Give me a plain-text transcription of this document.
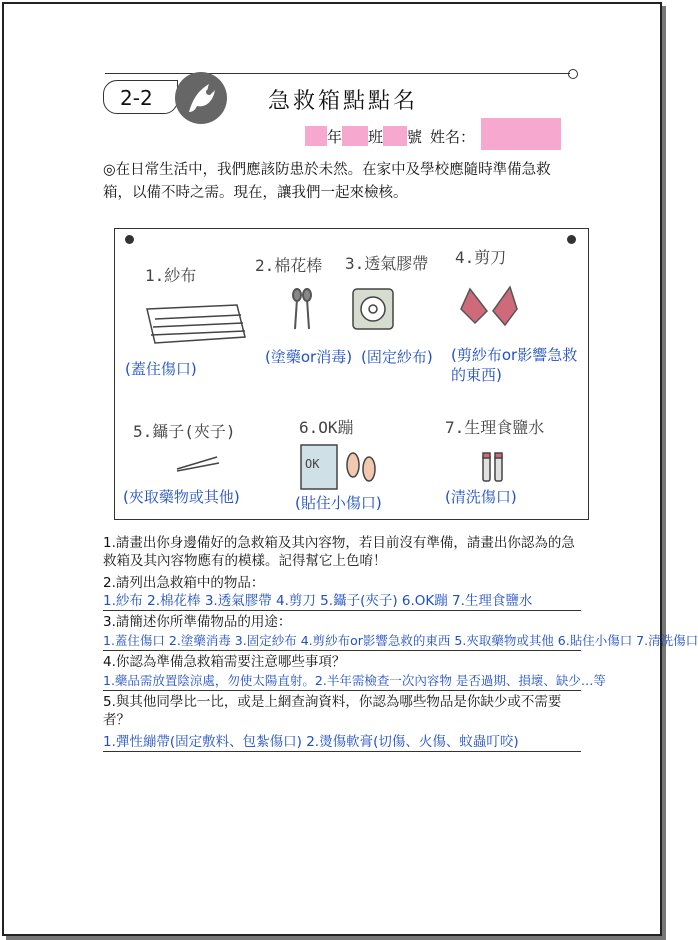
2-2	急救箱點點名
年 班 號 姓名：
◎在日常生活中，我們應該防患於未然。在家中及學校應隨時準備急救箱，以備不時之需。現在，讓我們一起來檢核。
1.紗布
2.棉花棒 3.透氣膠帶 4.剪刀
OK
(蓋住傷口)
(塗藥or消毒) (固定紗布) (剪紗布or影響急救的東西)
5.鑷子(夾子)	6.OK蹦	7.生理食鹽水
(夾取藥物或其他)	(貼住小傷口)	(清洗傷口)
1.請畫出你身邊備好的急救箱及其內容物，若目前沒有準備，請畫出你認為的急救箱及其內容物應有的模樣。記得幫它上色唷！
2.請列出急救箱中的物品：
1.紗布 2.棉花棒 3.透氣膠帶 4.剪刀 5.鑷子(夾子) 6.OK蹦 7.生理食鹽水
3.請簡述你所準備物品的用途：
1.蓋住傷口 2.塗藥消毒 3.固定紗布 4.剪紗布or影響急救的東西 5.夾取藥物或其他 6.貼住小傷口 7.清洗傷口
4.你認為準備急救箱需要注意哪些事項？
1.藥品需放置陰涼處，勿使太陽直射。2.半年需檢查一次內容物 是否過期、損壞、缺少…等
5.與其他同學比一比，或是上網查詢資料，你認為哪些物品是你缺少或不需要者？
1.彈性繃帶(固定敷料、包紮傷口) 2.燙傷軟膏(切傷、火傷、蚊蟲叮咬)
